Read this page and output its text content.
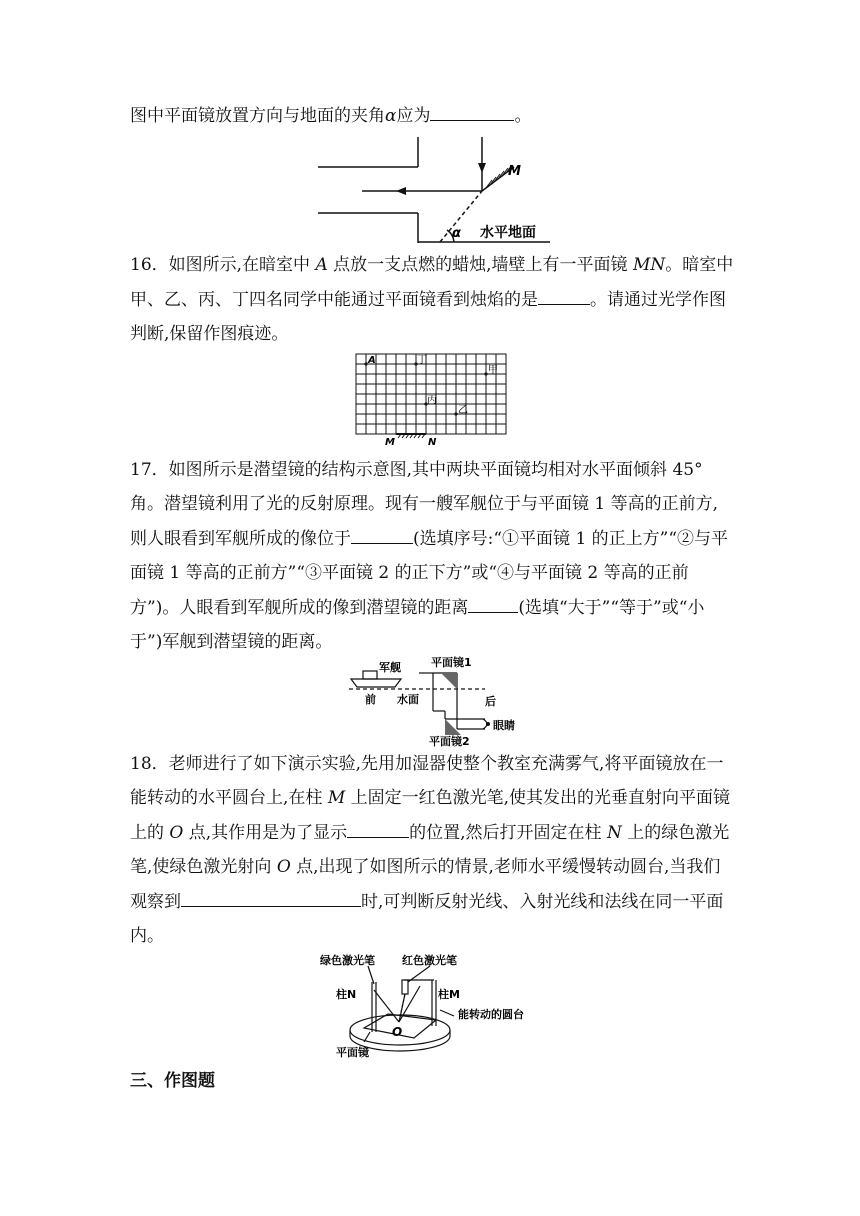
图中平面镜放置方向与地面的夹角α应为	。
M
α 水平地面
16．如图所示,在暗室中 A 点放一支点燃的蜡烛,墙壁上有一平面镜 MN。暗室中甲、乙、丙、丁四名同学中能通过平面镜看到烛焰的是	。请通过光学作图判断,保留作图痕迹。
A	丁
甲
丙
乙
M	N
17．如图所示是潜望镜的结构示意图,其中两块平面镜均相对水平面倾斜 45°角。潜望镜利用了光的反射原理。现有一艘军舰位于与平面镜 1 等高的正前方,则人眼看到军舰所成的像位于	(选填序号:“①平面镜 1 的正上方”“②与平面镜 1 等高的正前方”“③平面镜 2 的正下方”或“④与平面镜 2 等高的正前方”)。人眼看到军舰所成的像到潜望镜的距离	(选填“大于”“等于”或“小于”)军舰到潜望镜的距离。
军舰	平面镜1
前 水面	后
眼睛
平面镜2
18．老师进行了如下演示实验,先用加湿器使整个教室充满雾气,将平面镜放在一能转动的水平圆台上,在柱 M 上固定一红色激光笔,使其发出的光垂直射向平面镜上的 O 点,其作用是为了显示	的位置,然后打开固定在柱 N 上的绿色激光笔,使绿色激光射向 O 点,出现了如图所示的情景,老师水平缓慢转动圆台,当我们观察到	时,可判断反射光线、入射光线和法线在同一平面内。
绿色激光笔 红色激光笔
柱N	柱M
O
能转动的圆台
平面镜
三、作图题
